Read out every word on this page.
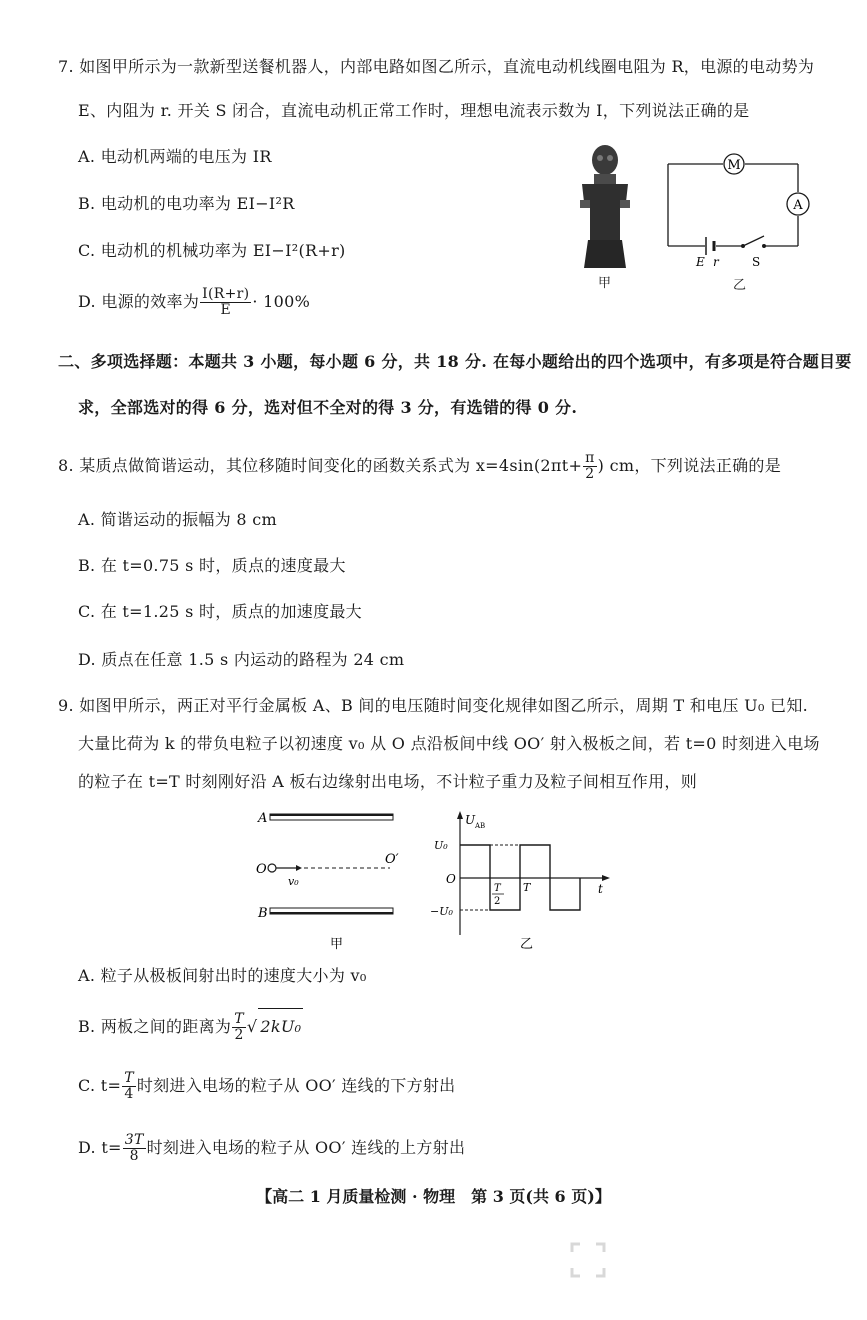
7. 如图甲所示为一款新型送餐机器人，内部电路如图乙所示，直流电动机线圈电阻为 R，电源的电动势为
E、内阻为 r. 开关 S 闭合，直流电动机正常工作时，理想电流表示数为 I，下列说法正确的是
A. 电动机两端的电压为 IR
B. 电动机的电功率为 EI−I²R
C. 电动机的机械功率为 EI−I²(R+r)
D. 电源的效率为 $\frac{I(R+r)}{E} \cdot 100\%$
甲
M
A
E r	S
乙
二、多项选择题：本题共 3 小题，每小题 6 分，共 18 分. 在每小题给出的四个选项中，有多项是符合题目要
求，全部选对的得 6 分，选对但不全对的得 3 分，有选错的得 0 分.
8. 某质点做简谐运动，其位移随时间变化的函数关系式为 $x=4\sin(2\pi t+ \frac{\pi}{2}$ ) cm，下列说法正确的是
A. 简谐运动的振幅为 8 cm
B. 在 t=0.75 s 时，质点的速度最大
C. 在 t=1.25 s 时，质点的加速度最大
D. 质点在任意 1.5 s 内运动的路程为 24 cm
9. 如图甲所示，两正对平行金属板 A、B 间的电压随时间变化规律如图乙所示，周期 T 和电压 U₀ 已知.
大量比荷为 k 的带负电粒子以初速度 v₀ 从 O 点沿板间中线 OO′ 射入极板之间，若 t=0 时刻进入电场
的粒子在 t=T 时刻刚好沿 A 板右边缘射出电场，不计粒子重力及粒子间相互作用，则
A
B
O
O′
v₀
甲
U AB
t
O
U₀
−U₀
T
2
T
乙
A. 粒子从极板间射出时的速度大小为 v₀
B. 两板之间的距离为 $\frac{T}{2}$ √ 2kU₀
C. $t= \frac{T}{4}$ 时刻进入电场的粒子从 OO′ 连线的下方射出
D. $t= \frac{3T}{8}$ 时刻进入电场的粒子从 OO′ 连线的上方射出
【高二 1 月质量检测 · 物理　第 3 页(共 6 页)】
